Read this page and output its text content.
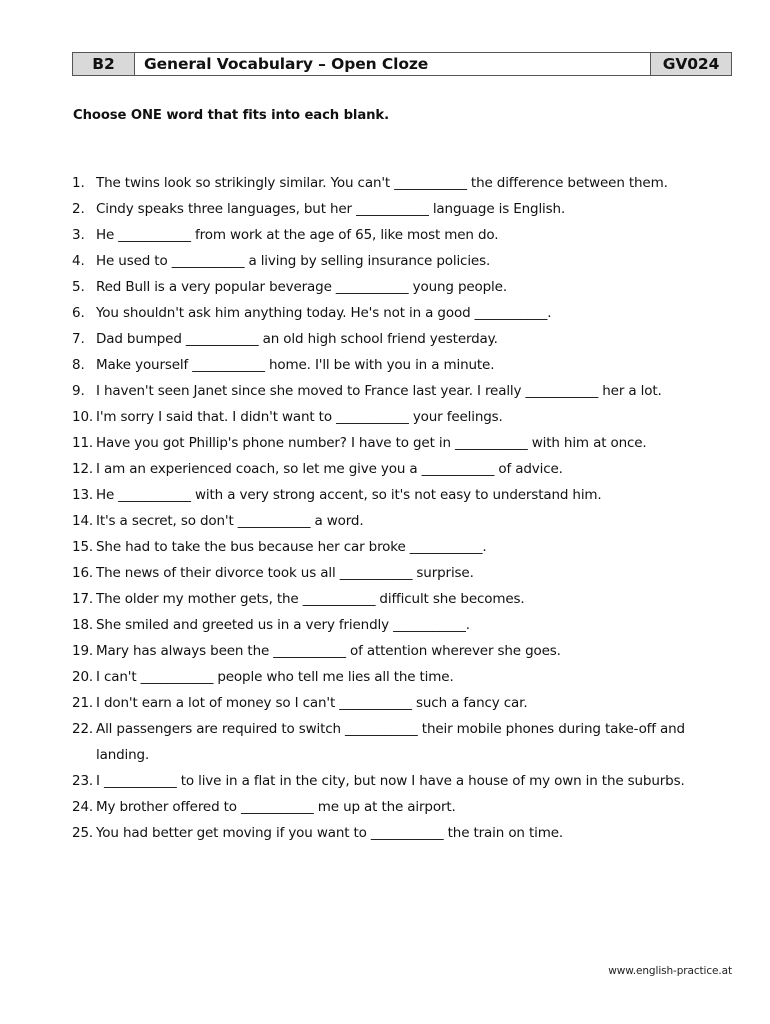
B2	General Vocabulary – Open Cloze	GV024
Choose ONE word that fits into each blank.
1. The twins look so strikingly similar. You can't ___________ the difference between them.
2. Cindy speaks three languages, but her ___________ language is English.
3. He ___________ from work at the age of 65, like most men do.
4. He used to ___________ a living by selling insurance policies.
5. Red Bull is a very popular beverage ___________ young people.
6. You shouldn't ask him anything today. He's not in a good ___________.
7. Dad bumped ___________ an old high school friend yesterday.
8. Make yourself ___________ home. I'll be with you in a minute.
9. I haven't seen Janet since she moved to France last year. I really ___________ her a lot.
10. I'm sorry I said that. I didn't want to ___________ your feelings.
11. Have you got Phillip's phone number? I have to get in ___________ with him at once.
12. I am an experienced coach, so let me give you a ___________ of advice.
13. He ___________ with a very strong accent, so it's not easy to understand him.
14. It's a secret, so don't ___________ a word.
15. She had to take the bus because her car broke ___________.
16. The news of their divorce took us all ___________ surprise.
17. The older my mother gets, the ___________ difficult she becomes.
18. She smiled and greeted us in a very friendly ___________.
19. Mary has always been the ___________ of attention wherever she goes.
20. I can't ___________ people who tell me lies all the time.
21. I don't earn a lot of money so I can't ___________ such a fancy car.
22. All passengers are required to switch ___________ their mobile phones during take-off and landing.
23. I ___________ to live in a flat in the city, but now I have a house of my own in the suburbs.
24. My brother offered to ___________ me up at the airport.
25. You had better get moving if you want to ___________ the train on time.
www.english-practice.at
